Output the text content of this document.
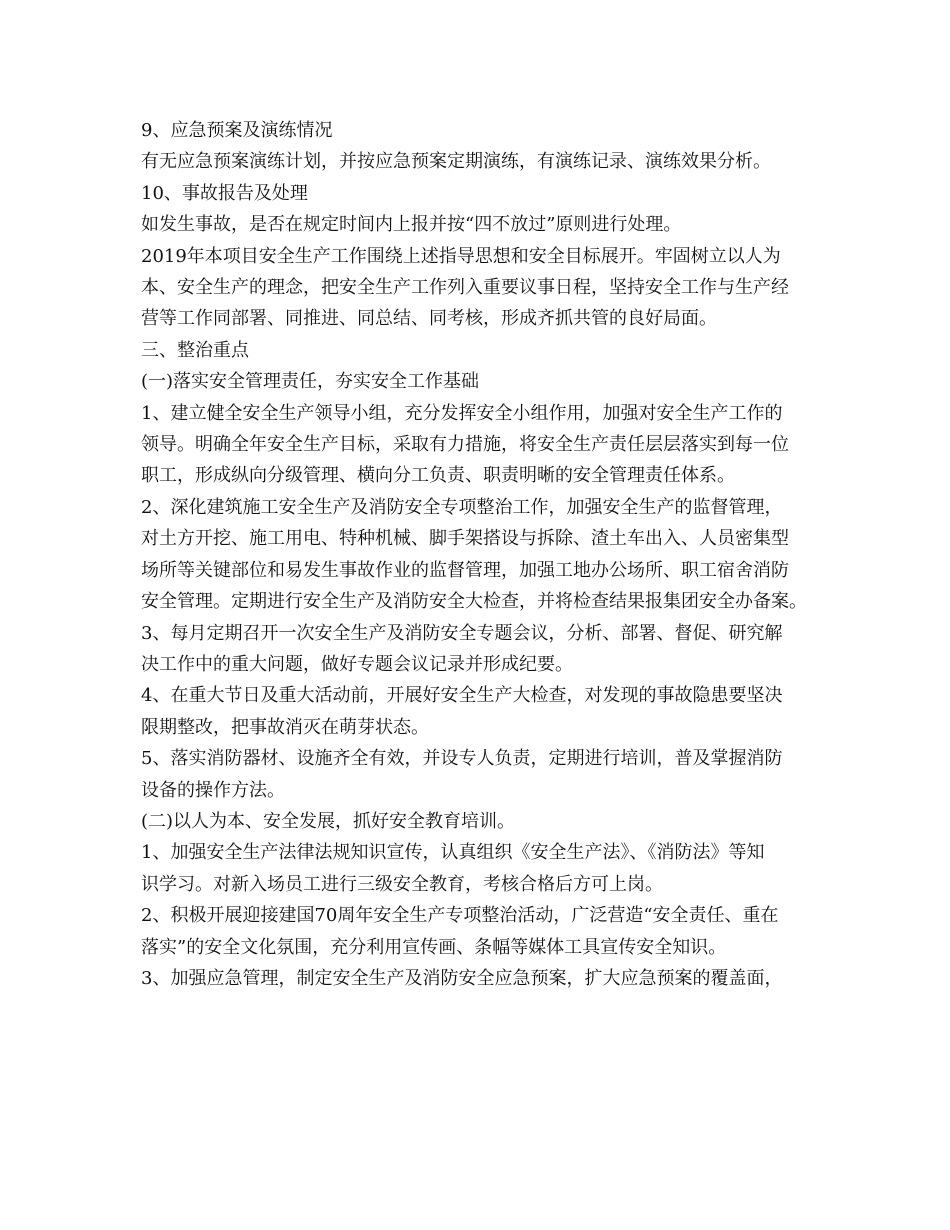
9、应急预案及演练情况

有无应急预案演练计划，并按应急预案定期演练，有演练记录、演练效果分析。

10、事故报告及处理

如发生事故，是否在规定时间内上报并按“四不放过”原则进行处理。

2019年本项目安全生产工作围绕上述指导思想和安全目标展开。牢固树立以人为
本、安全生产的理念，把安全生产工作列入重要议事日程，坚持安全工作与生产经
营等工作同部署、同推进、同总结、同考核，形成齐抓共管的良好局面。

三、整治重点

(一)落实安全管理责任，夯实安全工作基础

1、建立健全安全生产领导小组，充分发挥安全小组作用，加强对安全生产工作的
领导。明确全年安全生产目标，采取有力措施，将安全生产责任层层落实到每一位
职工，形成纵向分级管理、横向分工负责、职责明晰的安全管理责任体系。

2、深化建筑施工安全生产及消防安全专项整治工作，加强安全生产的监督管理，
对土方开挖、施工用电、特种机械、脚手架搭设与拆除、渣土车出入、人员密集型
场所等关键部位和易发生事故作业的监督管理，加强工地办公场所、职工宿舍消防
安全管理。定期进行安全生产及消防安全大检查，并将检查结果报集团安全办备案。

3、每月定期召开一次安全生产及消防安全专题会议，分析、部署、督促、研究解
决工作中的重大问题，做好专题会议记录并形成纪要。

4、在重大节日及重大活动前，开展好安全生产大检查，对发现的事故隐患要坚决
限期整改，把事故消灭在萌芽状态。

5、落实消防器材、设施齐全有效，并设专人负责，定期进行培训，普及掌握消防
设备的操作方法。

(二)以人为本、安全发展，抓好安全教育培训。

1、加强安全生产法律法规知识宣传，认真组织《安全生产法》、《消防法》等知
识学习。对新入场员工进行三级安全教育，考核合格后方可上岗。

2、积极开展迎接建国70周年安全生产专项整治活动，广泛营造“安全责任、重在
落实”的安全文化氛围，充分利用宣传画、条幅等媒体工具宣传安全知识。

3、加强应急管理，制定安全生产及消防安全应急预案，扩大应急预案的覆盖面，
